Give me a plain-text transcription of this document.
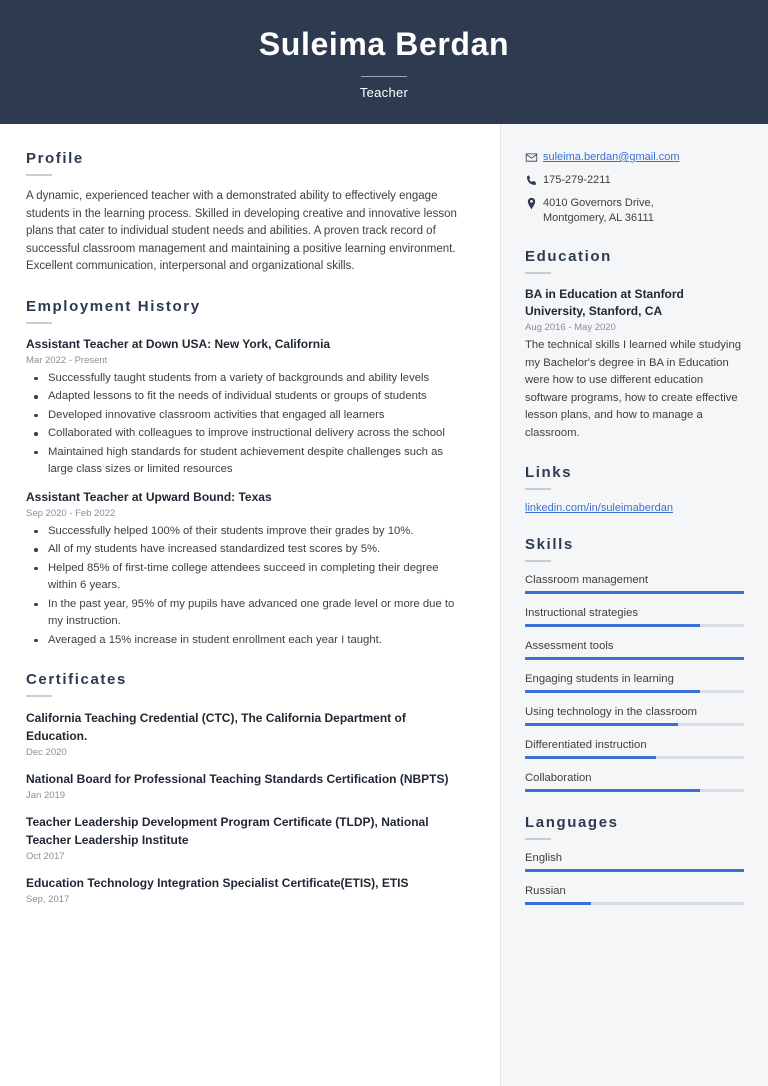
Suleima Berdan
Teacher
Profile
A dynamic, experienced teacher with a demonstrated ability to effectively engage students in the learning process. Skilled in developing creative and innovative lesson plans that cater to individual student needs and abilities. A proven track record of successful classroom management and maintaining a positive learning environment. Excellent communication, interpersonal and organizational skills.
Employment History
Assistant Teacher at Down USA: New York, California
Mar 2022 - Present
Successfully taught students from a variety of backgrounds and ability levels
Adapted lessons to fit the needs of individual students or groups of students
Developed innovative classroom activities that engaged all learners
Collaborated with colleagues to improve instructional delivery across the school
Maintained high standards for student achievement despite challenges such as large class sizes or limited resources
Assistant Teacher at Upward Bound: Texas
Sep 2020 - Feb 2022
Successfully helped 100% of their students improve their grades by 10%.
All of my students have increased standardized test scores by 5%.
Helped 85% of first-time college attendees succeed in completing their degree within 6 years.
In the past year, 95% of my pupils have advanced one grade level or more due to my instruction.
Averaged a 15% increase in student enrollment each year I taught.
Certificates
California Teaching Credential (CTC), The California Department of Education.
Dec 2020
National Board for Professional Teaching Standards Certification (NBPTS)
Jan 2019
Teacher Leadership Development Program Certificate (TLDP), National Teacher Leadership Institute
Oct 2017
Education Technology Integration Specialist Certificate(ETIS), ETIS
Sep, 2017
suleima.berdan@gmail.com
175-279-2211
4010 Governors Drive,
Montgomery, AL 36111
Education
BA in Education at Stanford University, Stanford, CA
Aug 2016 - May 2020
The technical skills I learned while studying my Bachelor's degree in BA in Education were how to use different education software programs, how to create effective lesson plans, and how to manage a classroom.
Links
linkedin.com/in/suleimaberdan
Skills
Classroom management
Instructional strategies
Assessment tools
Engaging students in learning
Using technology in the classroom
Differentiated instruction
Collaboration
Languages
English
Russian
